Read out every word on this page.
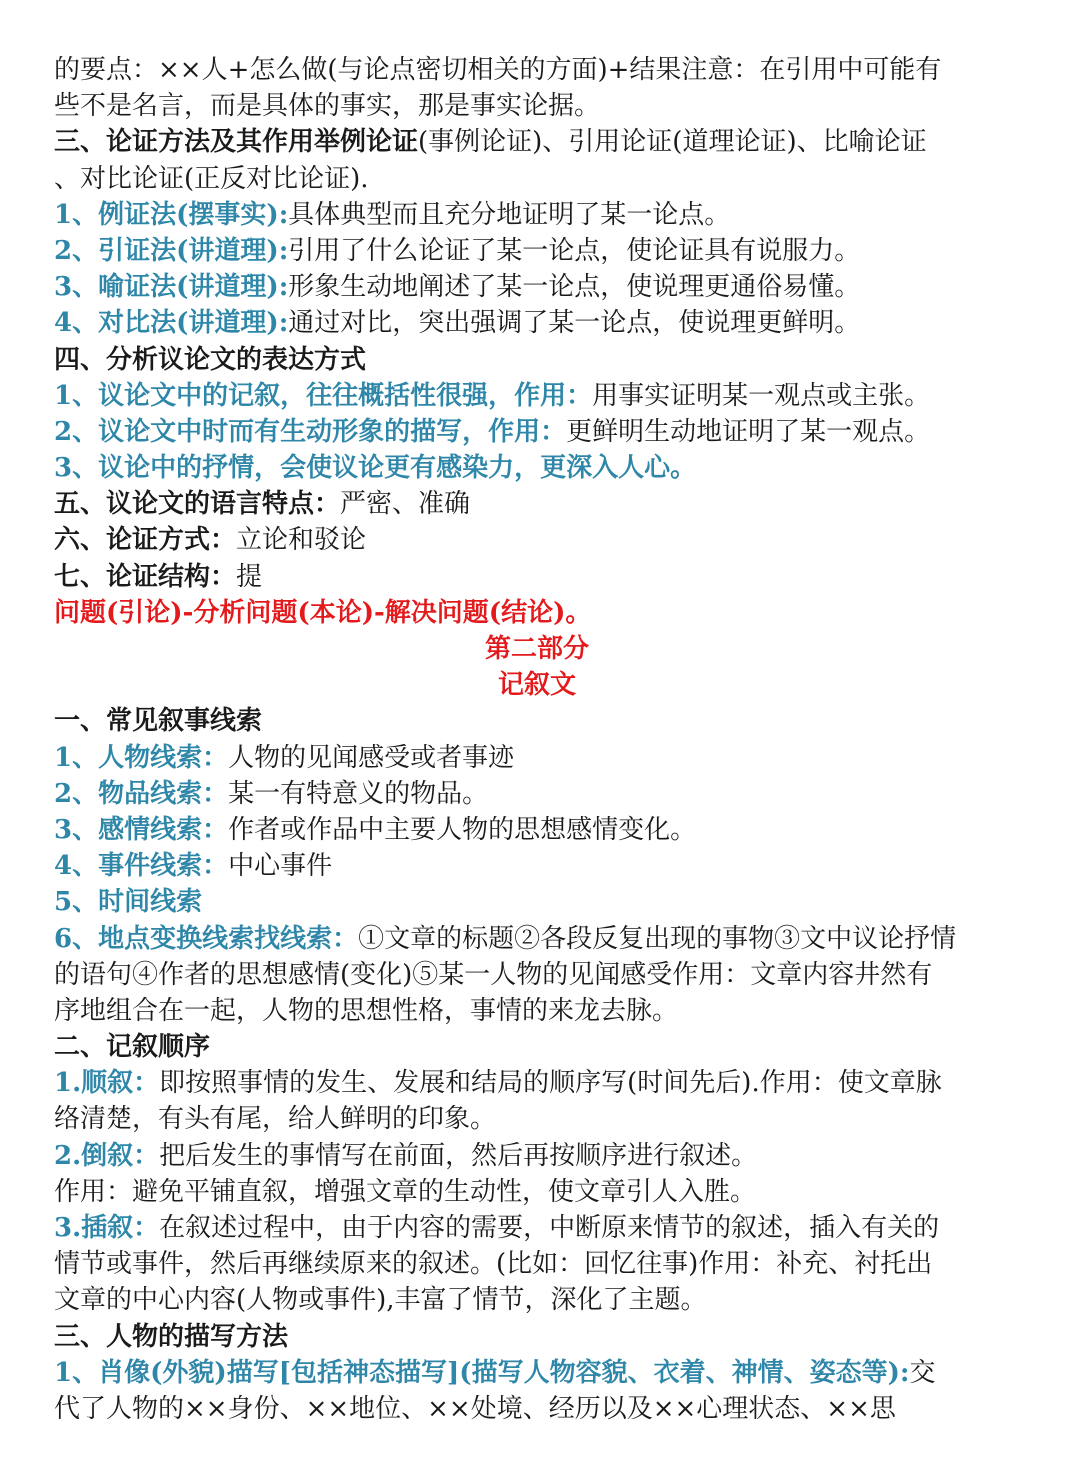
的要点：××人+怎么做(与论点密切相关的方面)+结果注意：在引用中可能有
些不是名言，而是具体的事实，那是事实论据。
三、论证方法及其作用举例论证(事例论证)、引用论证(道理论证)、比喻论证
、对比论证(正反对比论证).
1、例证法(摆事实):具体典型而且充分地证明了某一论点。
2、引证法(讲道理):引用了什么论证了某一论点，使论证具有说服力。
3、喻证法(讲道理):形象生动地阐述了某一论点，使说理更通俗易懂。
4、对比法(讲道理):通过对比，突出强调了某一论点，使说理更鲜明。
四、分析议论文的表达方式
1、议论文中的记叙，往往概括性很强，作用：用事实证明某一观点或主张。
2、议论文中时而有生动形象的描写，作用：更鲜明生动地证明了某一观点。
3、议论中的抒情，会使议论更有感染力，更深入人心。
五、议论文的语言特点：严密、准确
六、论证方式：立论和驳论
七、论证结构：提
问题(引论)-分析问题(本论)-解决问题(结论)。
第二部分
记叙文
一、常见叙事线索
1、人物线索：人物的见闻感受或者事迹
2、物品线索：某一有特意义的物品。
3、感情线索：作者或作品中主要人物的思想感情变化。
4、事件线索：中心事件
5、时间线索
6、地点变换线索找线索：①文章的标题②各段反复出现的事物③文中议论抒情
的语句④作者的思想感情(变化)⑤某一人物的见闻感受作用：文章内容井然有
序地组合在一起，人物的思想性格，事情的来龙去脉。
二、记叙顺序
1.顺叙：即按照事情的发生、发展和结局的顺序写(时间先后).作用：使文章脉
络清楚，有头有尾，给人鲜明的印象。
2.倒叙：把后发生的事情写在前面，然后再按顺序进行叙述。
作用：避免平铺直叙，增强文章的生动性，使文章引人入胜。
3.插叙：在叙述过程中，由于内容的需要，中断原来情节的叙述，插入有关的
情节或事件，然后再继续原来的叙述。(比如：回忆往事)作用：补充、衬托出
文章的中心内容(人物或事件),丰富了情节，深化了主题。
三、人物的描写方法
1、肖像(外貌)描写[包括神态描写](描写人物容貌、衣着、神情、姿态等):交
代了人物的××身份、××地位、××处境、经历以及××心理状态、××思
